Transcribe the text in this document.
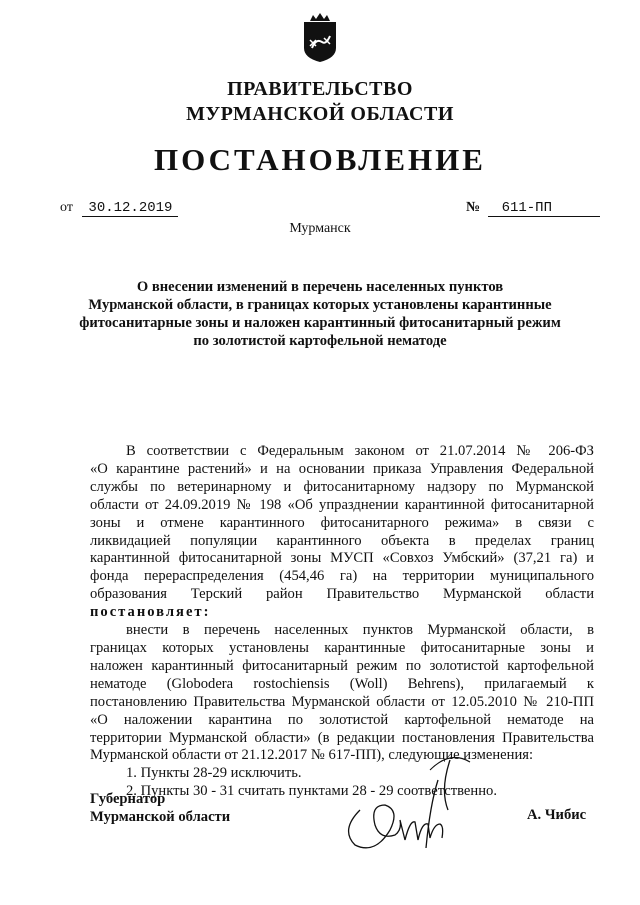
ПРАВИТЕЛЬСТВО
МУРМАНСКОЙ ОБЛАСТИ
ПОСТАНОВЛЕНИЕ
от 30.12.2019	№ 611-ПП
Мурманск
О внесении изменений в перечень населенных пунктов
Мурманской области, в границах которых установлены карантинные
фитосанитарные зоны и наложен карантинный фитосанитарный режим
по золотистой картофельной нематоде

В соответствии с Федеральным законом от 21.07.2014 № 206-ФЗ

«О карантине растений» и на основании приказа Управления Федеральной

службы по ветеринарному и фитосанитарному надзору по Мурманской

области от 24.09.2019 № 198 «Об упразднении карантинной фитосанитарной

зоны и отмене карантинного фитосанитарного режима» в связи с

ликвидацией популяции карантинного объекта в пределах границ

карантинной фитосанитарной зоны МУСП «Совхоз Умбский» (37,21 га) и

фонда перераспределения (454,46 га) на территории муниципального

образования Терский район Правительство Мурманской области

постановляет:

внести в перечень населенных пунктов Мурманской области, в

границах которых установлены карантинные фитосанитарные зоны и

наложен карантинный фитосанитарный режим по золотистой картофельной

нематоде (Globodera rostochiensis (Woll) Behrens), прилагаемый к

постановлению Правительства Мурманской области от 12.05.2010 № 210-ПП

«О наложении карантина по золотистой картофельной нематоде на

территории Мурманской области» (в редакции постановления Правительства

Мурманской области от 21.12.2017 № 617-ПП), следующие изменения:

1. Пункты 28-29 исключить.

2. Пункты 30 - 31 считать пунктами 28 - 29 соответственно.

Губернатор
Мурманской области	А. Чибис
